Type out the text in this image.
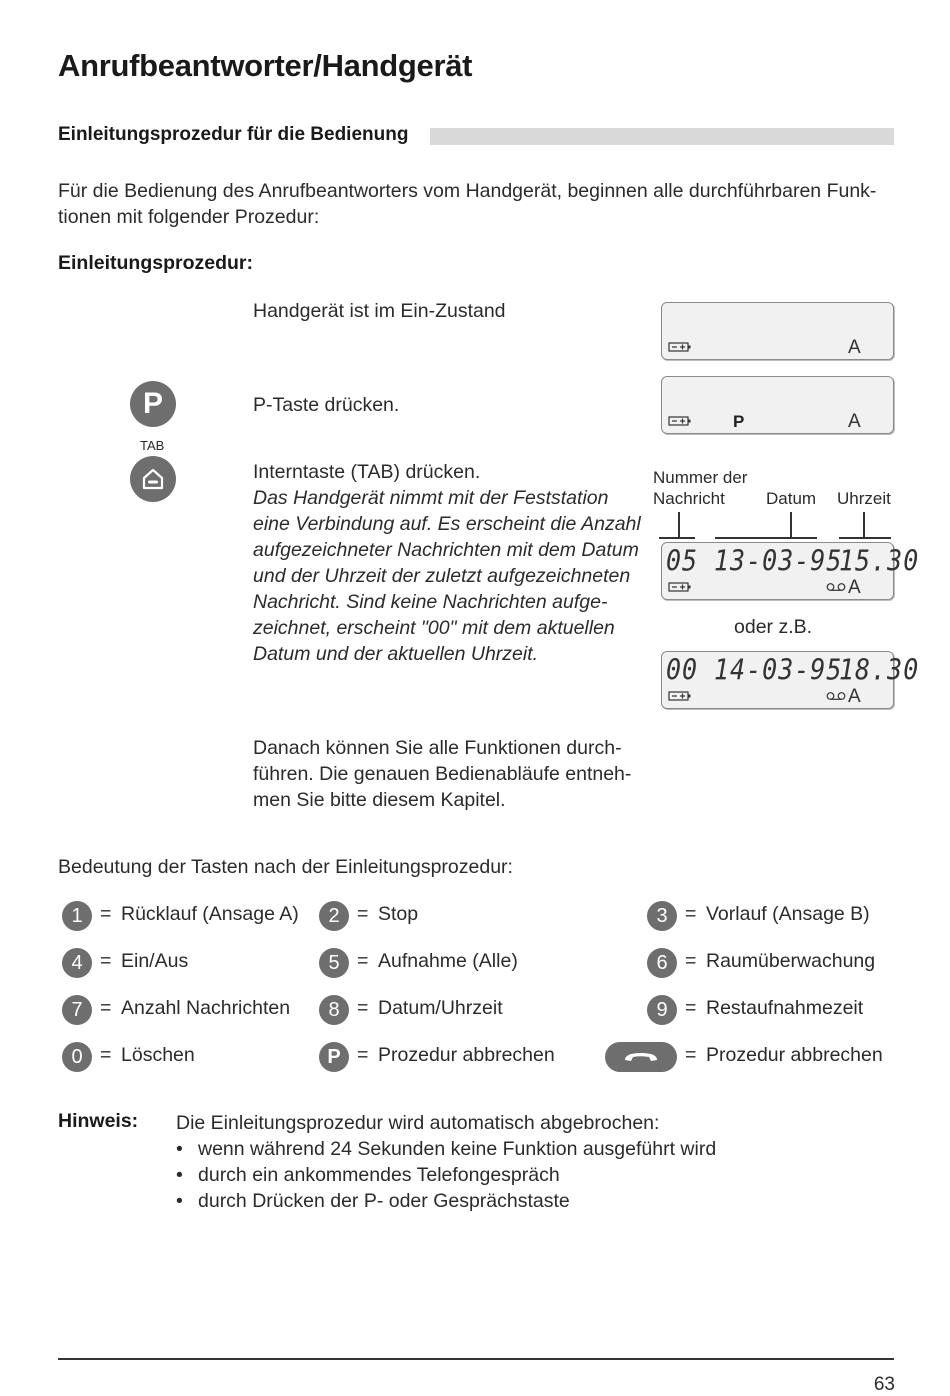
Anrufbeantworter/Handgerät
Einleitungsprozedur für die Bedienung
Für die Bedienung des Anrufbeantworters vom Handgerät, beginnen alle durchführbaren Funk-
tionen mit folgender Prozedur:
Einleitungsprozedur:
Handgerät ist im Ein-Zustand
P	P-Taste drücken.
TAB
Interntaste (TAB) drücken.
Das Handgerät nimmt mit der Feststation
eine Verbindung auf. Es erscheint die Anzahl
aufgezeichneter Nachrichten mit dem Datum
und der Uhrzeit der zuletzt aufgezeichneten
Nachricht. Sind keine Nachrichten aufge-
zeichnet, erscheint "00" mit dem aktuellen
Datum und der aktuellen Uhrzeit.
Danach können Sie alle Funktionen durch-
führen. Die genauen Bedienabläufe entneh-
men Sie bitte diesem Kapitel.
A
P	A
Nummer der
Nachricht	Datum Uhrzeit
05 13-03-95
15.30
A
oder z.B.
00 14-03-95
18.30
A
Bedeutung der Tasten nach der Einleitungsprozedur:
1 = Rücklauf (Ansage A)	2 = Stop	3 = Vorlauf (Ansage B)
4 = Ein/Aus	5 = Aufnahme (Alle)	6 = Raumüberwachung
7 = Anzahl Nachrichten	8 = Datum/Uhrzeit	9 = Restaufnahmezeit
0 = Löschen	P = Prozedur abbrechen	= Prozedur abbrechen
Hinweis: Die Einleitungsprozedur wird automatisch abgebrochen:
• wenn während 24 Sekunden keine Funktion ausgeführt wird
• durch ein ankommendes Telefongespräch
• durch Drücken der P- oder Gesprächstaste
63
